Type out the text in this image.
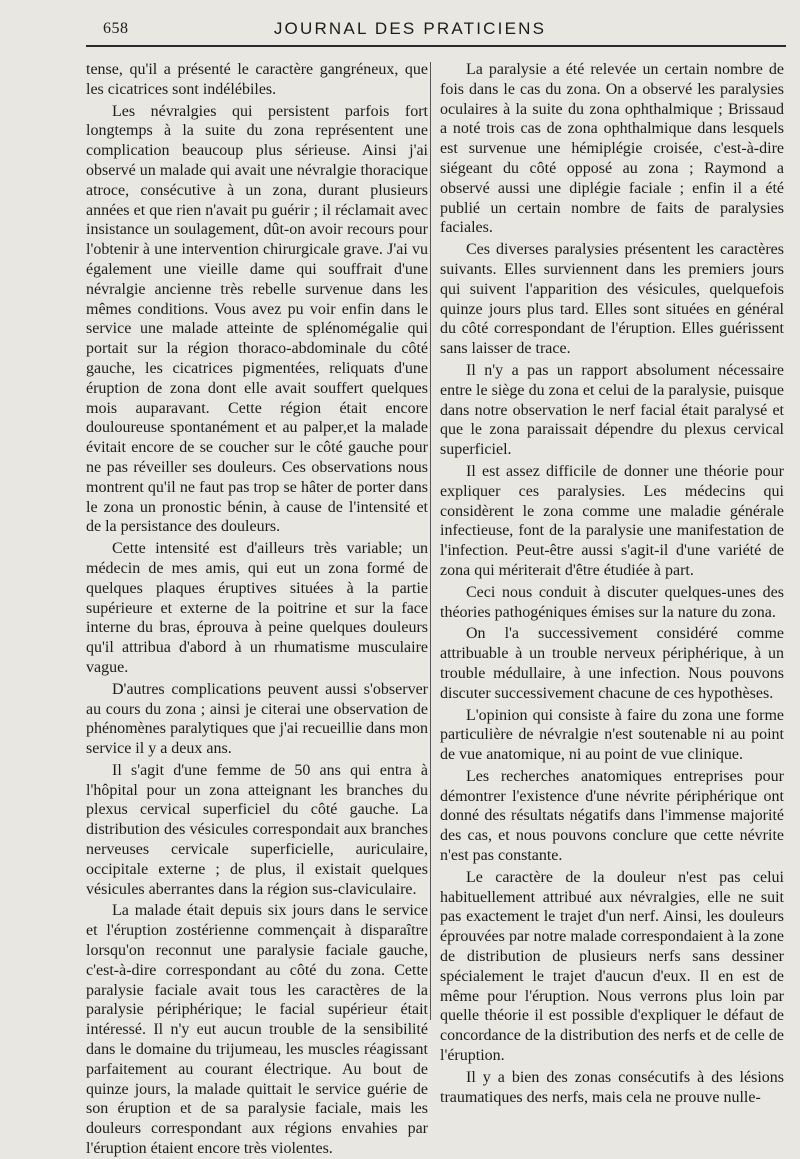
658	JOURNAL DES PRATICIENS

tense, qu'il a présenté le caractère gangréneux, que les cicatrices sont indélébiles.

Les névralgies qui persistent parfois fort longtemps à la suite du zona représentent une complication beaucoup plus sérieuse. Ainsi j'ai observé un malade qui avait une névralgie thoracique atroce, consécutive à un zona, durant plusieurs années et que rien n'avait pu guérir ; il réclamait avec insistance un soulagement, dût-on avoir recours pour l'obtenir à une intervention chirurgicale grave. J'ai vu également une vieille dame qui souffrait d'une névralgie ancienne très rebelle survenue dans les mêmes conditions. Vous avez pu voir enfin dans le service une malade atteinte de splénomégalie qui portait sur la région thoraco-abdominale du côté gauche, les cicatrices pigmentées, reliquats d'une éruption de zona dont elle avait souffert quelques mois auparavant. Cette région était encore douloureuse spontanément et au palper,et la malade évitait encore de se coucher sur le côté gauche pour ne pas réveiller ses douleurs. Ces observations nous montrent qu'il ne faut pas trop se hâter de porter dans le zona un pronostic bénin, à cause de l'intensité et de la persistance des douleurs.

Cette intensité est d'ailleurs très variable; un médecin de mes amis, qui eut un zona formé de quelques plaques éruptives situées à la partie supérieure et externe de la poitrine et sur la face interne du bras, éprouva à peine quelques douleurs qu'il attribua d'abord à un rhumatisme musculaire vague.

D'autres complications peuvent aussi s'observer au cours du zona ; ainsi je citerai une observation de phénomènes paralytiques que j'ai recueillie dans mon service il y a deux ans.

Il s'agit d'une femme de 50 ans qui entra à l'hôpital pour un zona atteignant les branches du plexus cervical superficiel du côté gauche. La distribution des vésicules correspondait aux branches nerveuses cervicale superficielle, auriculaire, occipitale externe ; de plus, il existait quelques vésicules aberrantes dans la région sus-claviculaire.

La malade était depuis six jours dans le service et l'éruption zostérienne commençait à disparaître lorsqu'on reconnut une paralysie faciale gauche, c'est-à-dire correspondant au côté du zona. Cette paralysie faciale avait tous les caractères de la paralysie périphérique; le facial supérieur était intéressé. Il n'y eut aucun trouble de la sensibilité dans le domaine du trijumeau, les muscles réagissant parfaitement au courant électrique. Au bout de quinze jours, la malade quittait le service guérie de son éruption et de sa paralysie faciale, mais les douleurs correspondant aux régions envahies par l'éruption étaient encore très violentes.

La paralysie a été relevée un certain nombre de fois dans le cas du zona. On a observé les paralysies oculaires à la suite du zona ophthalmique ; Brissaud a noté trois cas de zona ophthalmique dans lesquels est survenue une hémiplégie croisée, c'est-à-dire siégeant du côté opposé au zona ; Raymond a observé aussi une diplégie faciale ; enfin il a été publié un certain nombre de faits de paralysies faciales.

Ces diverses paralysies présentent les caractères suivants. Elles surviennent dans les premiers jours qui suivent l'apparition des vésicules, quelquefois quinze jours plus tard. Elles sont situées en général du côté correspondant de l'éruption. Elles guérissent sans laisser de trace.

Il n'y a pas un rapport absolument nécessaire entre le siège du zona et celui de la paralysie, puisque dans notre observation le nerf facial était paralysé et que le zona paraissait dépendre du plexus cervical superficiel.

Il est assez difficile de donner une théorie pour expliquer ces paralysies. Les médecins qui considèrent le zona comme une maladie générale infectieuse, font de la paralysie une manifestation de l'infection. Peut-être aussi s'agit-il d'une variété de zona qui mériterait d'être étudiée à part.

Ceci nous conduit à discuter quelques-unes des théories pathogéniques émises sur la nature du zona.

On l'a successivement considéré comme attribuable à un trouble nerveux périphérique, à un trouble médullaire, à une infection. Nous pouvons discuter successivement chacune de ces hypothèses.

L'opinion qui consiste à faire du zona une forme particulière de névralgie n'est soutenable ni au point de vue anatomique, ni au point de vue clinique.

Les recherches anatomiques entreprises pour démontrer l'existence d'une névrite périphérique ont donné des résultats négatifs dans l'immense majorité des cas, et nous pouvons conclure que cette névrite n'est pas constante.

Le caractère de la douleur n'est pas celui habituellement attribué aux névralgies, elle ne suit pas exactement le trajet d'un nerf. Ainsi, les douleurs éprouvées par notre malade correspondaient à la zone de distribution de plusieurs nerfs sans dessiner spécialement le trajet d'aucun d'eux. Il en est de même pour l'éruption. Nous verrons plus loin par quelle théorie il est possible d'expliquer le défaut de concordance de la distribution des nerfs et de celle de l'éruption.

Il y a bien des zonas consécutifs à des lésions traumatiques des nerfs, mais cela ne prouve nulle-
